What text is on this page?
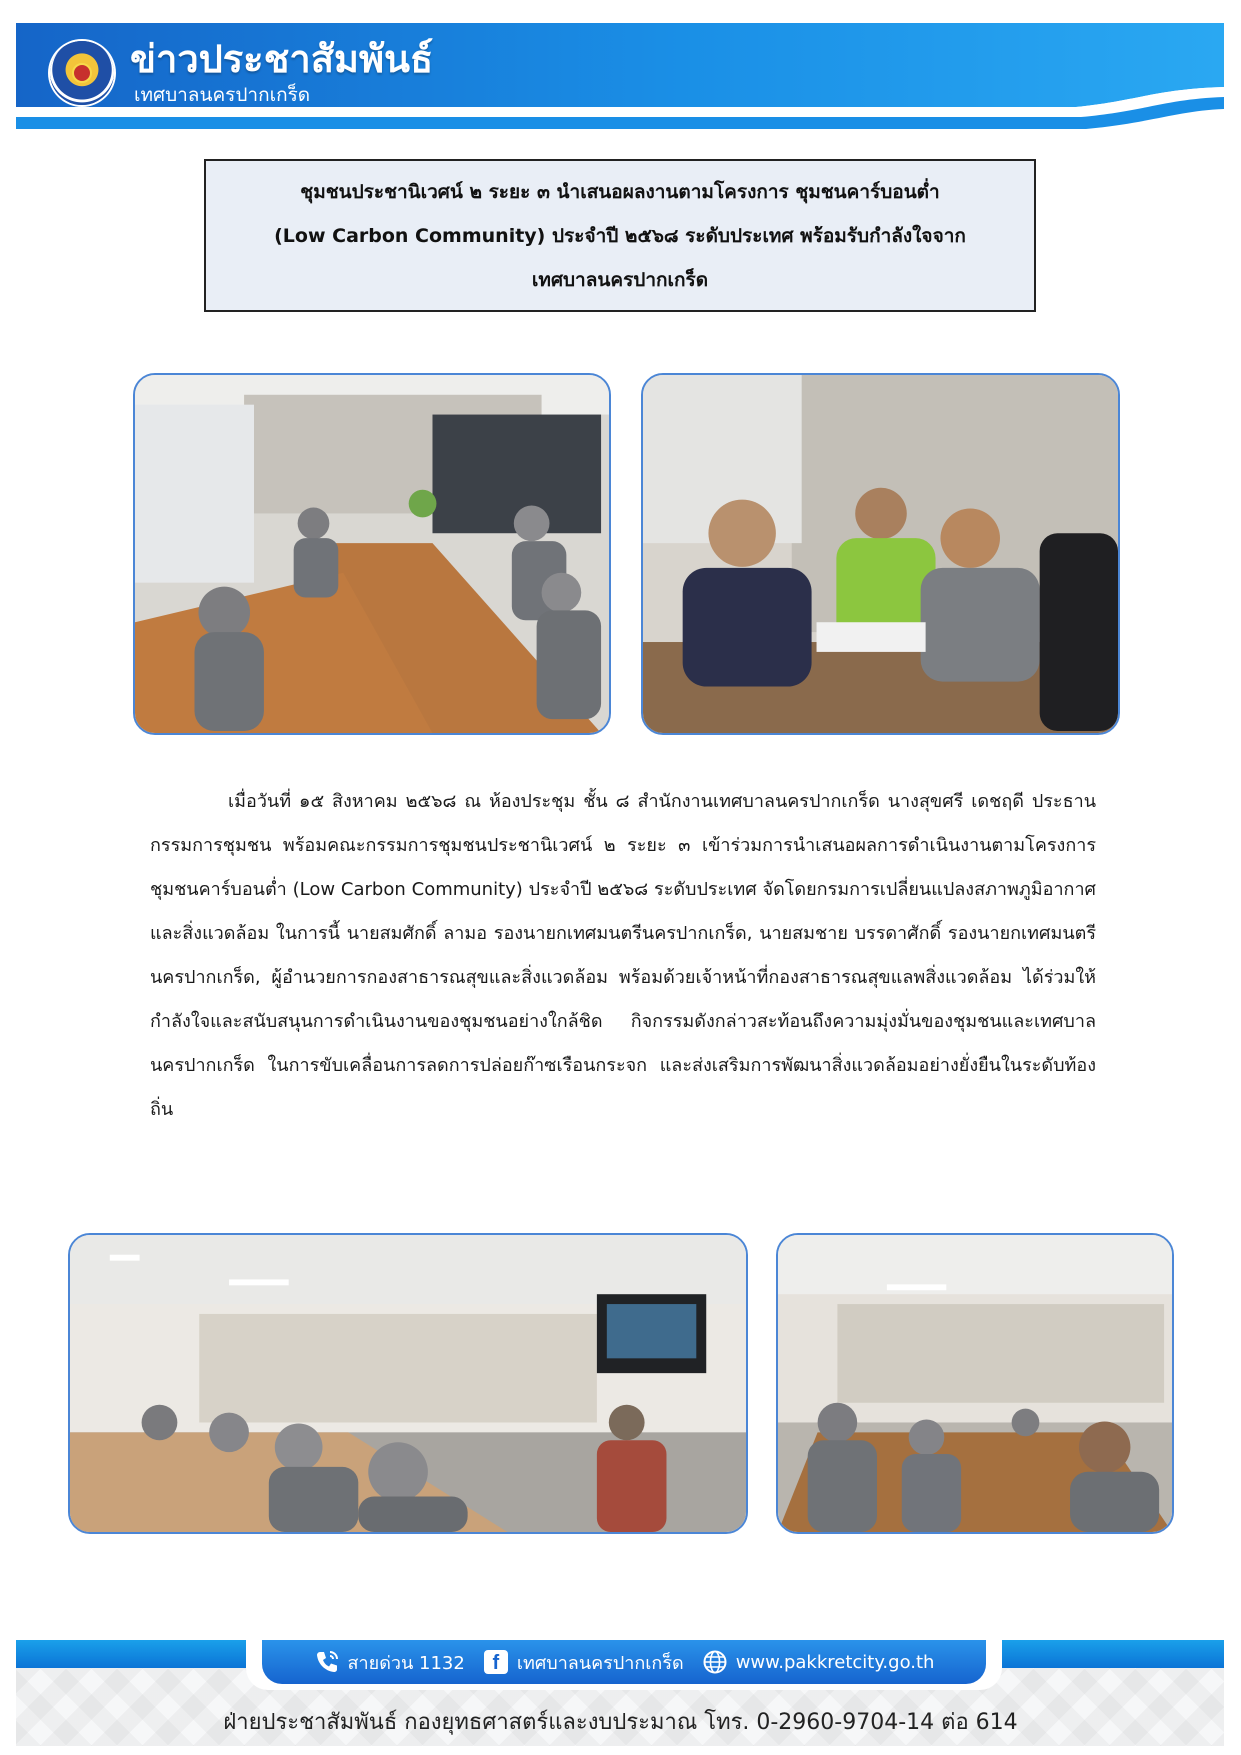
ข่าวประชาสัมพันธ์
เทศบาลนครปากเกร็ด
ชุมชนประชานิเวศน์ ๒ ระยะ ๓ นำเสนอผลงานตามโครงการ ชุมชนคาร์บอนต่ำ
(Low Carbon Community) ประจำปี ๒๕๖๘ ระดับประเทศ พร้อมรับกำลังใจจาก
เทศบาลนครปากเกร็ด

เมื่อวันที่ ๑๕ สิงหาคม ๒๕๖๘ ณ ห้องประชุม ชั้น ๘ สำนักงานเทศบาลนครปากเกร็ด นางสุขศรี เดชฤดี ประธานกรรมการชุมชน พร้อมคณะกรรมการชุมชนประชานิเวศน์ ๒ ระยะ ๓ เข้าร่วมการนำเสนอผลการดำเนินงานตามโครงการ ชุมชนคาร์บอนต่ำ (Low Carbon Community) ประจำปี ๒๕๖๘ ระดับประเทศ จัดโดยกรมการเปลี่ยนแปลงสภาพภูมิอากาศและสิ่งแวดล้อม ในการนี้ นายสมศักดิ์ ลามอ รองนายกเทศมนตรีนครปากเกร็ด, นายสมชาย บรรดาศักดิ์ รองนายกเทศมนตรีนครปากเกร็ด, ผู้อำนวยการกองสาธารณสุขและสิ่งแวดล้อม พร้อมด้วยเจ้าหน้าที่กองสาธารณสุขแลพสิ่งแวดล้อม ได้ร่วมให้กำลังใจและสนับสนุนการดำเนินงานของชุมชนอย่างใกล้ชิด กิจกรรมดังกล่าวสะท้อนถึงความมุ่งมั่นของชุมชนและเทศบาลนครปากเกร็ด ในการขับเคลื่อนการลดการปล่อยก๊าซเรือนกระจก และส่งเสริมการพัฒนาสิ่งแวดล้อมอย่างยั่งยืนในระดับท้องถิ่น

สายด่วน 1132	f เทศบาลนครปากเกร็ด	www.pakkretcity.go.th
ฝ่ายประชาสัมพันธ์ กองยุทธศาสตร์และงบประมาณ โทร. 0-2960-9704-14 ต่อ 614
